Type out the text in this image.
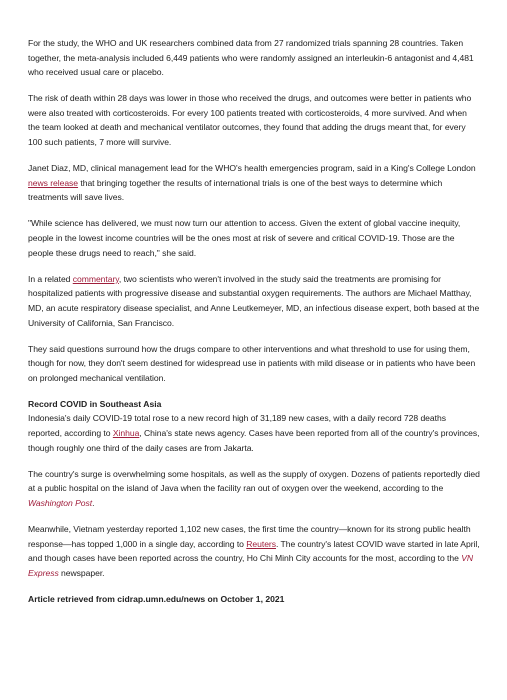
For the study, the WHO and UK researchers combined data from 27 randomized trials spanning 28 countries. Taken together, the meta-analysis included 6,449 patients who were randomly assigned an interleukin-6 antagonist and 4,481 who received usual care or placebo.

The risk of death within 28 days was lower in those who received the drugs, and outcomes were better in patients who were also treated with corticosteroids. For every 100 patients treated with corticosteroids, 4 more survived. And when the team looked at death and mechanical ventilator outcomes, they found that adding the drugs meant that, for every 100 such patients, 7 more will survive.

Janet Diaz, MD, clinical management lead for the WHO's health emergencies program, said in a King's College London news release that bringing together the results of international trials is one of the best ways to determine which treatments will save lives.

"While science has delivered, we must now turn our attention to access. Given the extent of global vaccine inequity, people in the lowest income countries will be the ones most at risk of severe and critical COVID-19. Those are the people these drugs need to reach," she said.

In a related commentary, two scientists who weren't involved in the study said the treatments are promising for hospitalized patients with progressive disease and substantial oxygen requirements. The authors are Michael Matthay, MD, an acute respiratory disease specialist, and Anne Leutkemeyer, MD, an infectious disease expert, both based at the University of California, San Francisco.

They said questions surround how the drugs compare to other interventions and what threshold to use for using them, though for now, they don't seem destined for widespread use in patients with mild disease or in patients who have been on prolonged mechanical ventilation.

Record COVID in Southeast Asia

Indonesia's daily COVID-19 total rose to a new record high of 31,189 new cases, with a daily record 728 deaths reported, according to Xinhua, China's state news agency. Cases have been reported from all of the country's provinces, though roughly one third of the daily cases are from Jakarta.

The country's surge is overwhelming some hospitals, as well as the supply of oxygen. Dozens of patients reportedly died at a public hospital on the island of Java when the facility ran out of oxygen over the weekend, according to the Washington Post.

Meanwhile, Vietnam yesterday reported 1,102 new cases, the first time the country—known for its strong public health response—has topped 1,000 in a single day, according to Reuters. The country's latest COVID wave started in late April, and though cases have been reported across the country, Ho Chi Minh City accounts for the most, according to the VN Express newspaper.

Article retrieved from cidrap.umn.edu/news on October 1, 2021
